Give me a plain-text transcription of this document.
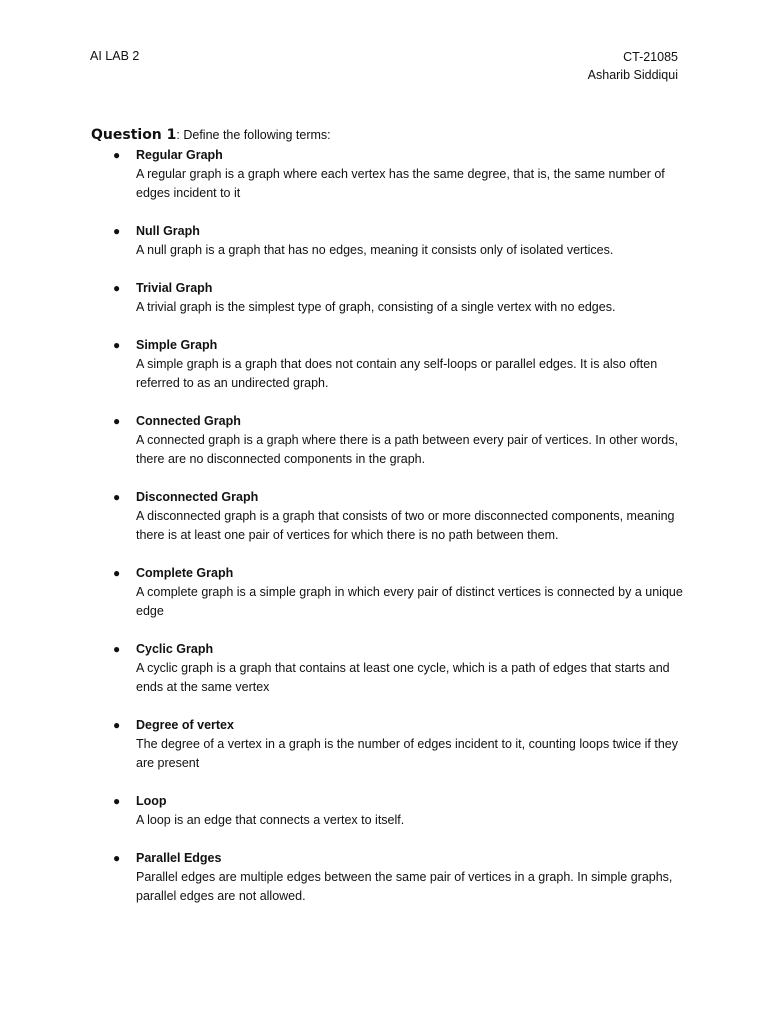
AI LAB 2	CT-21085
Asharib Siddiqui
Question 1: Define the following terms:
● Regular Graph
A regular graph is a graph where each vertex has the same degree, that is, the same number of edges incident to it
● Null Graph
A null graph is a graph that has no edges, meaning it consists only of isolated vertices.
● Trivial Graph
A trivial graph is the simplest type of graph, consisting of a single vertex with no edges.
● Simple Graph
A simple graph is a graph that does not contain any self-loops or parallel edges. It is also often referred to as an undirected graph.
● Connected Graph
A connected graph is a graph where there is a path between every pair of vertices. In other words, there are no disconnected components in the graph.
● Disconnected Graph
A disconnected graph is a graph that consists of two or more disconnected components, meaning there is at least one pair of vertices for which there is no path between them.
● Complete Graph
A complete graph is a simple graph in which every pair of distinct vertices is connected by a unique edge
● Cyclic Graph
A cyclic graph is a graph that contains at least one cycle, which is a path of edges that starts and ends at the same vertex
● Degree of vertex
The degree of a vertex in a graph is the number of edges incident to it, counting loops twice if they are present
● Loop
A loop is an edge that connects a vertex to itself.
● Parallel Edges
Parallel edges are multiple edges between the same pair of vertices in a graph. In simple graphs, parallel edges are not allowed.
